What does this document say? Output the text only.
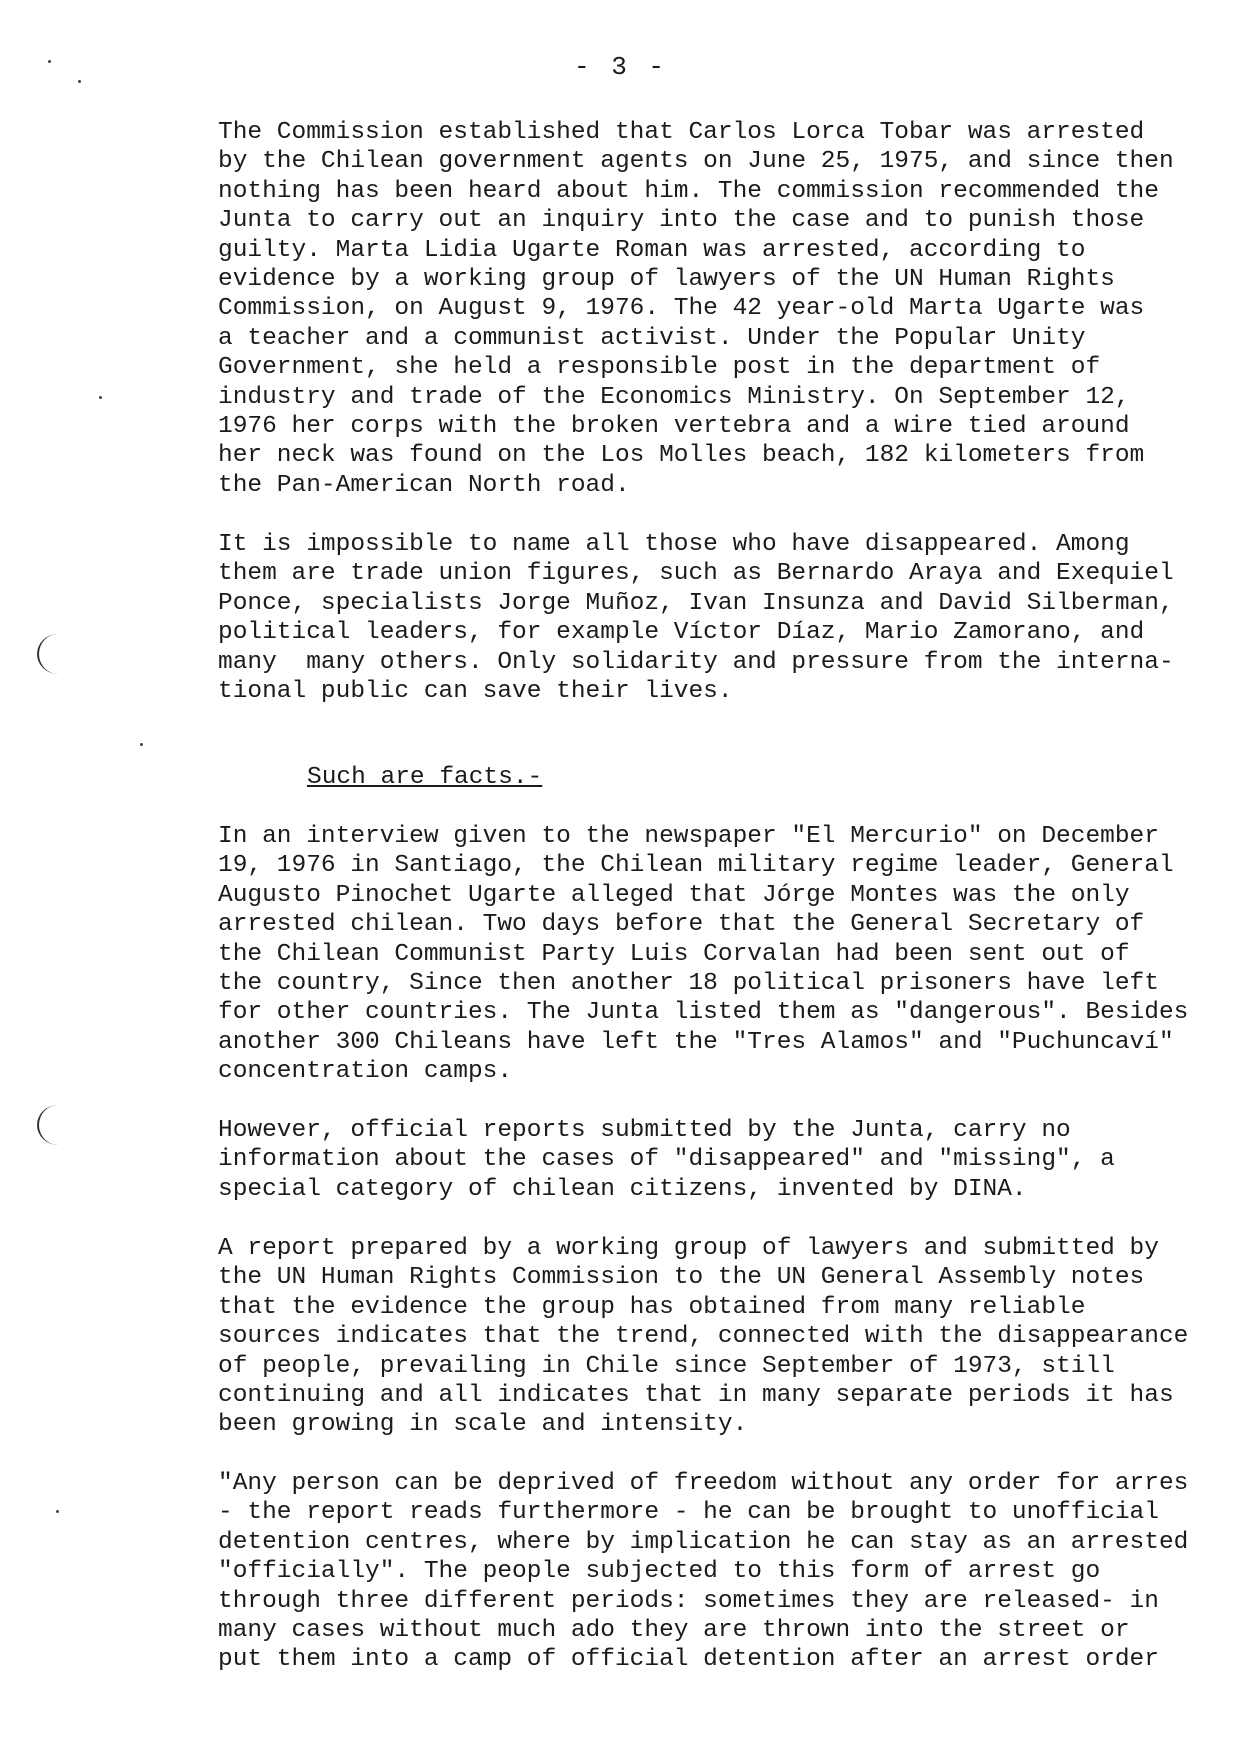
- 3 -
The Commission established that Carlos Lorca Tobar was arrested
by the Chilean government agents on June 25, 1975, and since then
nothing has been heard about him. The commission recommended the
Junta to carry out an inquiry into the case and to punish those
guilty. Marta Lidia Ugarte Roman was arrested, according to
evidence by a working group of lawyers of the UN Human Rights
Commission, on August 9, 1976. The 42 year-old Marta Ugarte was
a teacher and a communist activist. Under the Popular Unity
Government, she held a responsible post in the department of
industry and trade of the Economics Ministry. On September 12,
1976 her corps with the broken vertebra and a wire tied around
her neck was found on the Los Molles beach, 182 kilometers from
the Pan-American North road.
It is impossible to name all those who have disappeared. Among
them are trade union figures, such as Bernardo Araya and Exequiel
Ponce, specialists Jorge Muñoz, Ivan Insunza and David Silberman,
political leaders, for example Víctor Díaz, Mario Zamorano, and
many  many others. Only solidarity and pressure from the interna-
tional public can save their lives.
Such are facts.-
In an interview given to the newspaper "El Mercurio" on December
19, 1976 in Santiago, the Chilean military regime leader, General
Augusto Pinochet Ugarte alleged that Jórge Montes was the only
arrested chilean. Two days before that the General Secretary of
the Chilean Communist Party Luis Corvalan had been sent out of
the country, Since then another 18 political prisoners have left
for other countries. The Junta listed them as "dangerous". Besides
another 300 Chileans have left the "Tres Alamos" and "Puchuncaví"
concentration camps.
However, official reports submitted by the Junta, carry no
information about the cases of "disappeared" and "missing", a
special category of chilean citizens, invented by DINA.
A report prepared by a working group of lawyers and submitted by
the UN Human Rights Commission to the UN General Assembly notes
that the evidence the group has obtained from many reliable
sources indicates that the trend, connected with the disappearance
of people, prevailing in Chile since September of 1973, still
continuing and all indicates that in many separate periods it has
been growing in scale and intensity.
"Any person can be deprived of freedom without any order for arres
- the report reads furthermore - he can be brought to unofficial
detention centres, where by implication he can stay as an arrested
"officially". The people subjected to this form of arrest go
through three different periods: sometimes they are released- in
many cases without much ado they are thrown into the street or
put them into a camp of official detention after an arrest order
